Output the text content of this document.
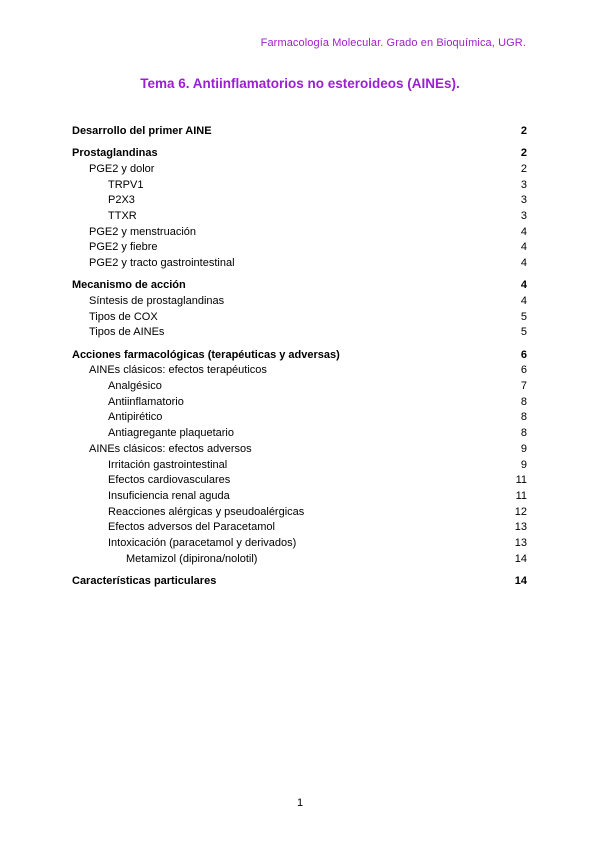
Farmacología Molecular. Grado en Bioquímica, UGR.
Tema 6. Antiinflamatorios no esteroideos (AINEs).
Desarrollo del primer AINE	2
Prostaglandinas	2
PGE2 y dolor	2
TRPV1	3
P2X3	3
TTXR	3
PGE2 y menstruación	4
PGE2 y fiebre	4
PGE2 y tracto gastrointestinal	4
Mecanismo de acción	4
Síntesis de prostaglandinas	4
Tipos de COX	5
Tipos de AINEs	5
Acciones farmacológicas (terapéuticas y adversas)	6
AINEs clásicos: efectos terapéuticos	6
Analgésico	7
Antiinflamatorio	8
Antipirético	8
Antiagregante plaquetario	8
AINEs clásicos: efectos adversos	9
Irritación gastrointestinal	9
Efectos cardiovasculares	11
Insuficiencia renal aguda	11
Reacciones alérgicas y pseudoalérgicas	12
Efectos adversos del Paracetamol	13
Intoxicación (paracetamol y derivados)	13
Metamizol (dipirona/nolotil)	14
Características particulares	14
1
